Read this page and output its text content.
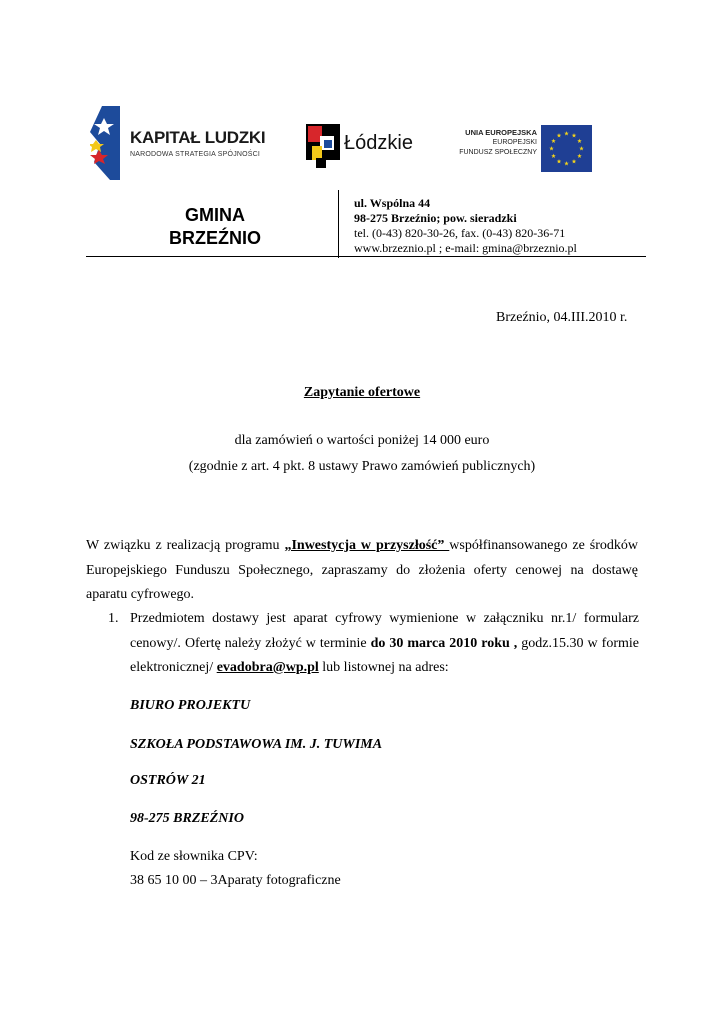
KAPITAŁ LUDZKI
NARODOWA STRATEGIA SPÓJNOŚCI
Łódzkie	UNIA EUROPEJSKA
EUROPEJSKI
FUNDUSZ SPOŁECZNY
GMINA
BRZEŹNIO
ul. Wspólna 44
98-275 Brzeźnio; pow. sieradzki
tel. (0-43) 820-30-26, fax. (0-43) 820-36-71
www.brzeznio.pl ; e-mail: gmina@brzeznio.pl
Brzeźnio, 04.III.2010 r.
Zapytanie ofertowe
dla zamówień o wartości poniżej 14 000 euro
(zgodnie z art. 4 pkt. 8 ustawy Prawo zamówień publicznych)
W związku z realizacją programu „Inwestycja w przyszłość” współfinansowanego ze środków Europejskiego Funduszu Społecznego, zapraszamy do złożenia oferty cenowej na dostawę aparatu cyfrowego.
1. Przedmiotem dostawy jest aparat cyfrowy wymienione w załączniku nr.1/ formularz cenowy/. Ofertę należy złożyć w terminie do 30 marca 2010 roku , godz.15.30 w formie elektronicznej/ evadobra@wp.pl lub listownej na adres:
BIURO PROJEKTU
SZKOŁA PODSTAWOWA IM. J. TUWIMA
OSTRÓW 21
98-275 BRZEŹNIO
Kod ze słownika CPV:
38 65 10 00 – 3Aparaty fotograficzne
